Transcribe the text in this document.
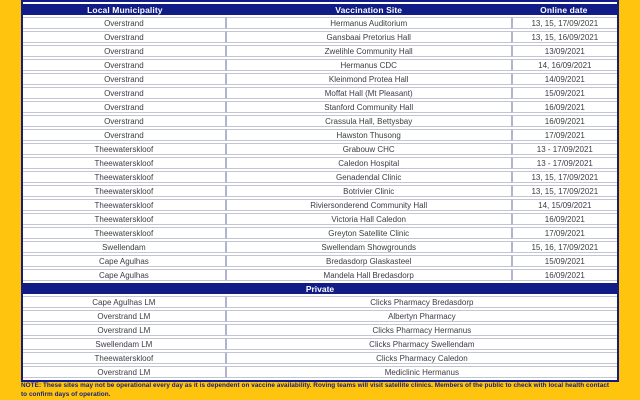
Local Municipality	Vaccination Site	Online date
Overstrand	Hermanus Auditorium	13, 15, 17/09/2021
Overstrand	Gansbaai Pretorius Hall	13, 15, 16/09/2021
Overstrand	Zwelihle Community Hall	13/09/2021
Overstrand	Hermanus CDC	14, 16/09/2021
Overstrand	Kleinmond Protea Hall	14/09/2021
Overstrand	Moffat Hall (Mt Pleasant)	15/09/2021
Overstrand	Stanford Community Hall	16/09/2021
Overstrand	Crassula Hall, Bettysbay	16/09/2021
Overstrand	Hawston Thusong	17/09/2021
Theewaterskloof	Grabouw CHC	13 - 17/09/2021
Theewaterskloof	Caledon Hospital	13 - 17/09/2021
Theewaterskloof	Genadendal Clinic	13, 15, 17/09/2021
Theewaterskloof	Botrivier Clinic	13, 15, 17/09/2021
Theewaterskloof	Riviersonderend Community Hall	14, 15/09/2021
Theewaterskloof	Victoria Hall Caledon	16/09/2021
Theewaterskloof	Greyton Satellite Clinic	17/09/2021
Swellendam	Swellendam Showgrounds	15, 16, 17/09/2021
Cape Agulhas	Bredasdorp Glaskasteel	15/09/2021
Cape Agulhas	Mandela Hall Bredasdorp	16/09/2021
Private		
Cape Agulhas LM	Clicks Pharmacy Bredasdorp	
Overstrand LM	Albertyn Pharmacy	
Overstrand LM	Clicks Pharmacy Hermanus	
Swellendam LM	Clicks Pharmacy Swellendam	
Theewaterskloof	Clicks Pharmacy Caledon	
Overstrand LM	Mediclinic Hermanus	
NOTE: These sites may not be operational every day as it is dependent on vaccine availability. Roving teams will visit satellite clinics. Members of the public to check with local health contact to confirm days of operation.
